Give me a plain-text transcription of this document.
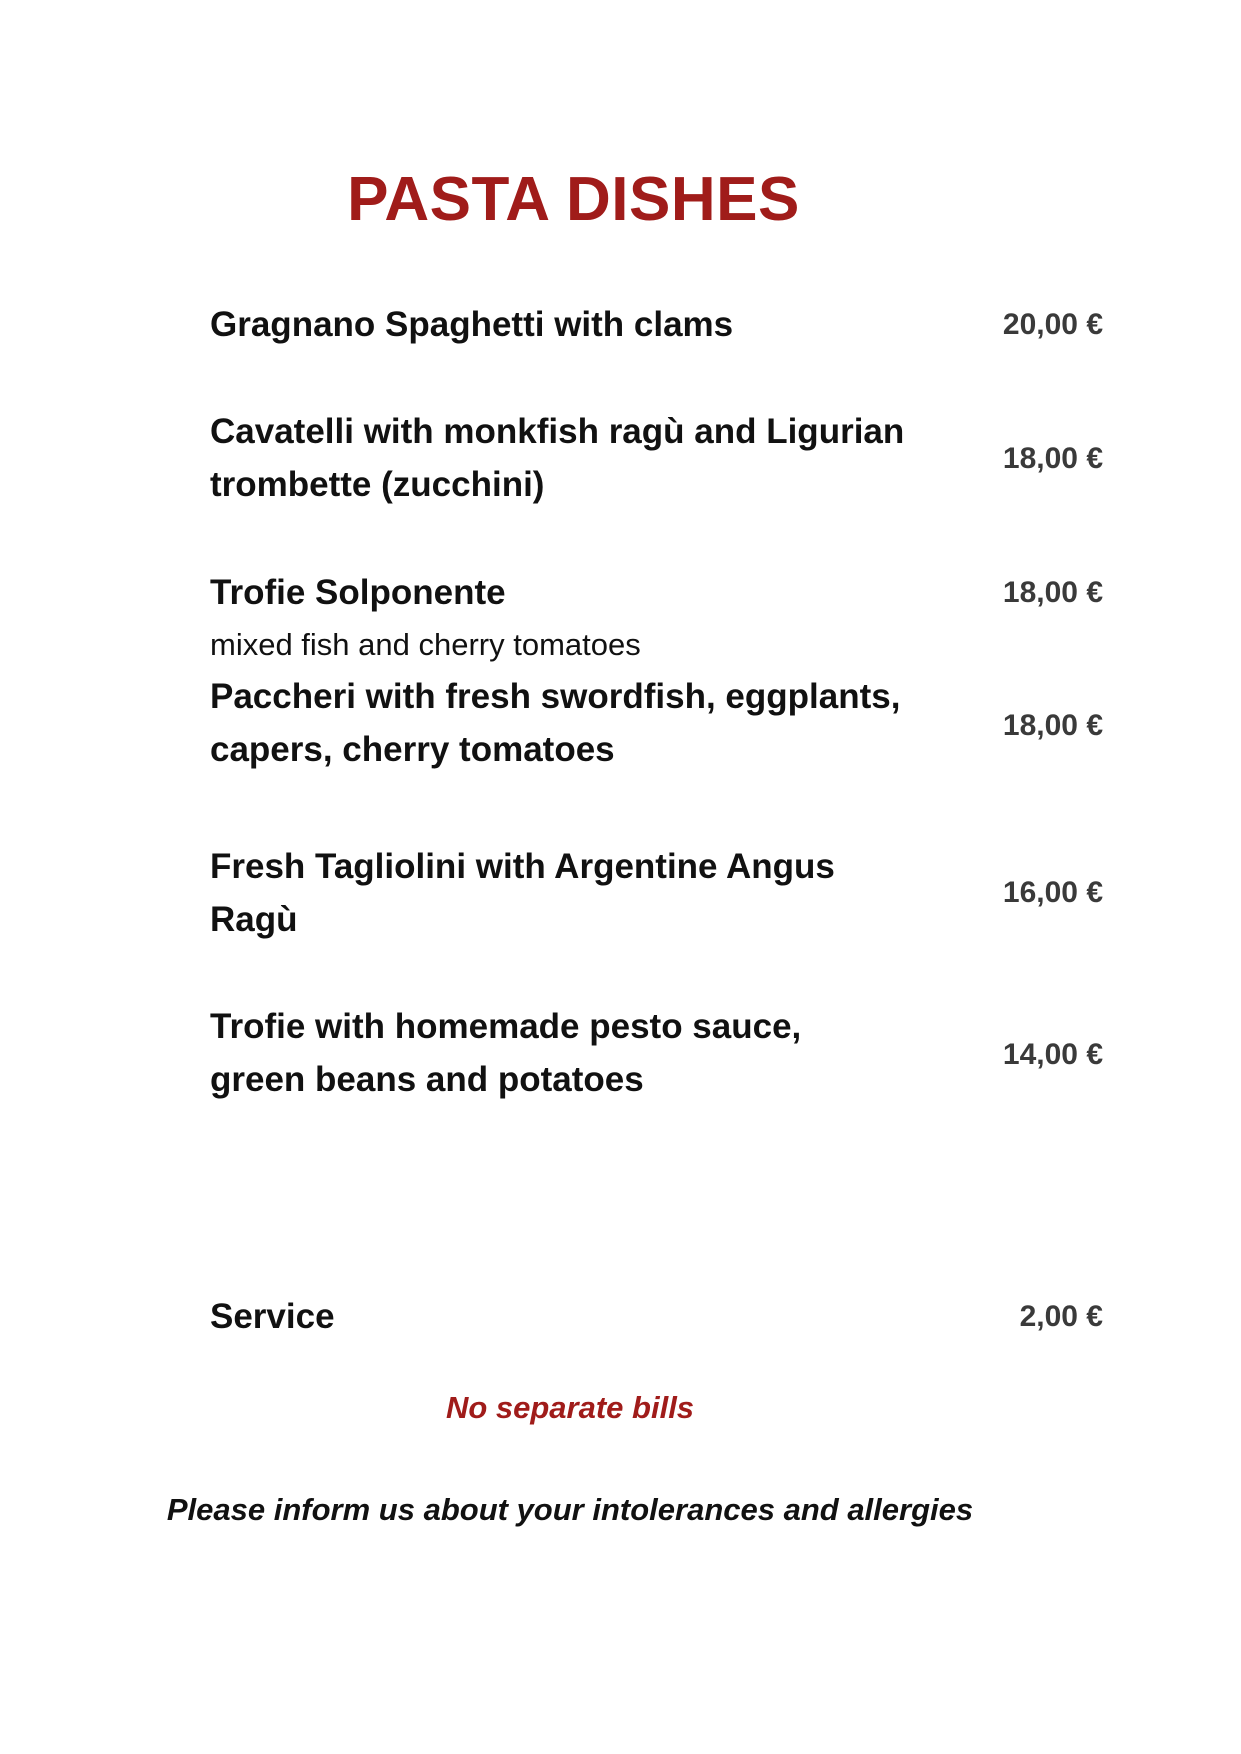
PASTA DISHES
Gragnano Spaghetti with clams	20,00 €
Cavatelli with monkfish ragù and Ligurian
trombette (zucchini)
18,00 €
Trofie Solponente
mixed fish and cherry tomatoes
18,00 €
Paccheri with fresh swordfish, eggplants,
capers, cherry tomatoes
18,00 €
Fresh Tagliolini with Argentine Angus
Ragù
16,00 €
Trofie with homemade pesto sauce,
green beans and potatoes
14,00 €
Service	2,00 €
No separate bills
Please inform us about your intolerances and allergies
